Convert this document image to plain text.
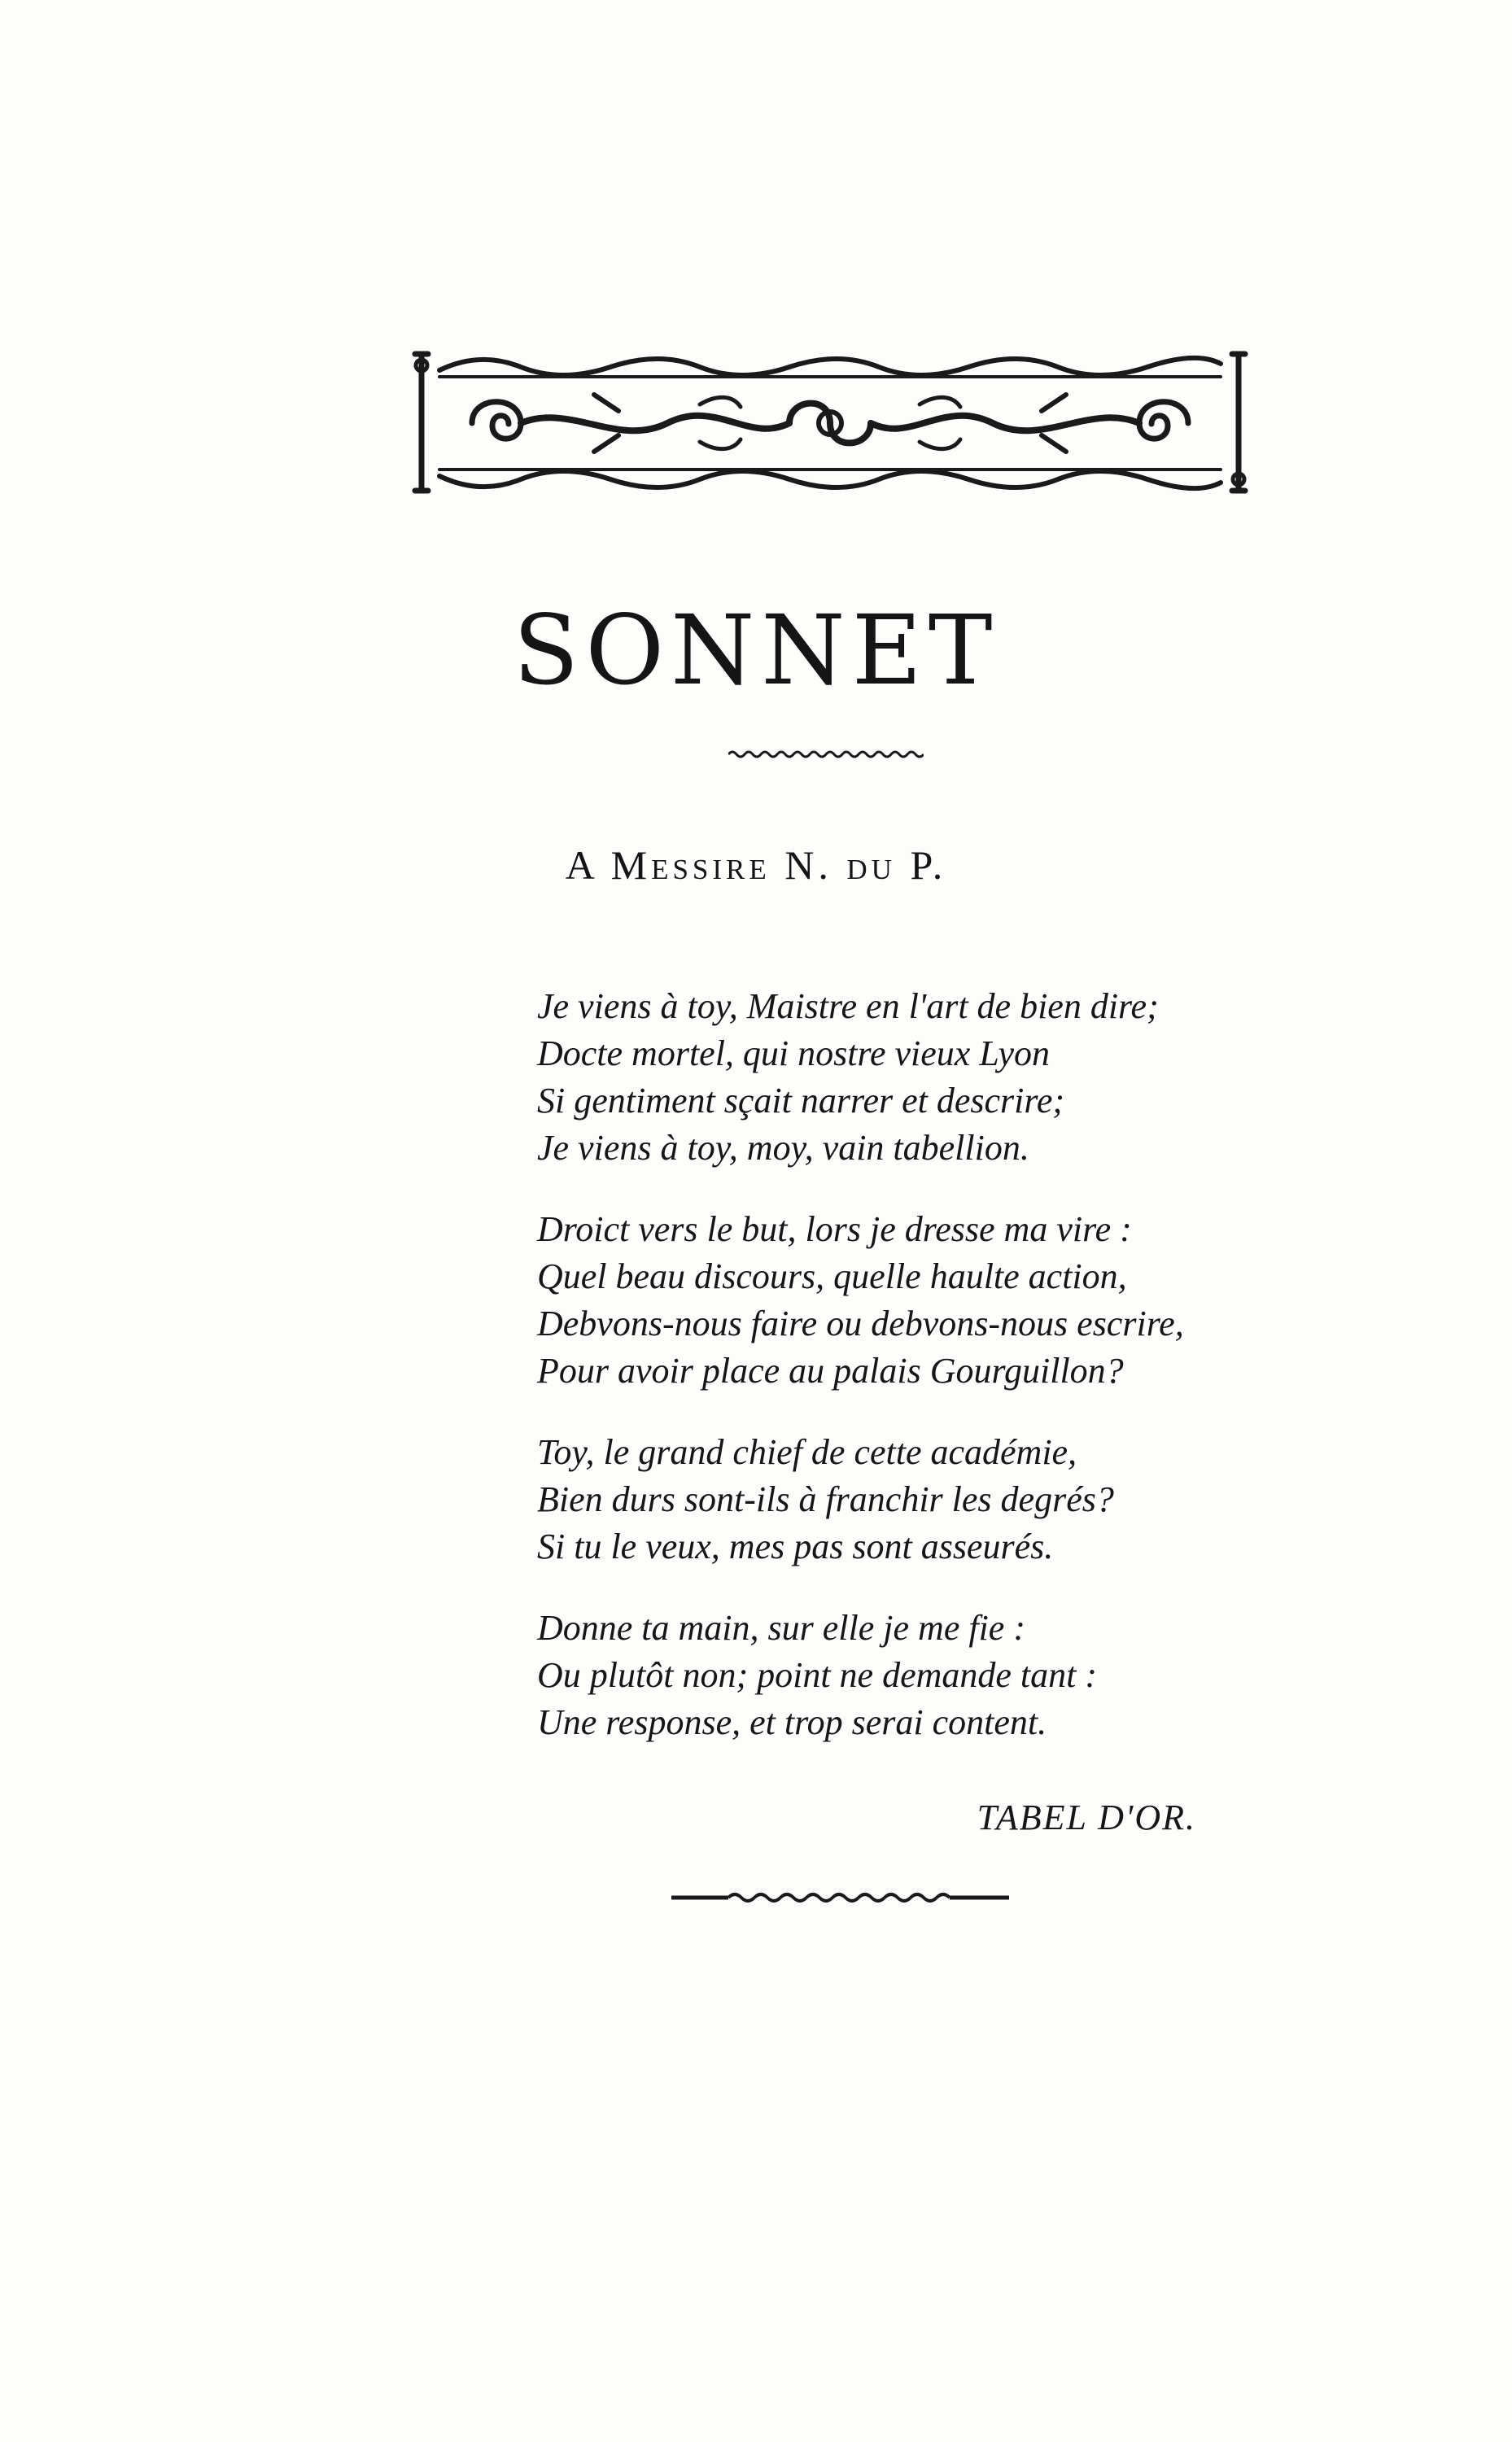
SONNET
A Messire N. du P.
Je viens à toy, Maistre en l'art de bien dire;
Docte mortel, qui nostre vieux Lyon
Si gentiment sçait narrer et descrire;
Je viens à toy, moy, vain tabellion.
Droict vers le but, lors je dresse ma vire :
Quel beau discours, quelle haulte action,
Debvons-nous faire ou debvons-nous escrire,
Pour avoir place au palais Gourguillon?
Toy, le grand chief de cette académie,
Bien durs sont-ils à franchir les degrés?
Si tu le veux, mes pas sont asseurés.
Donne ta main, sur elle je me fie :
Ou plutôt non; point ne demande tant :
Une response, et trop serai content.
TABEL D'OR.
